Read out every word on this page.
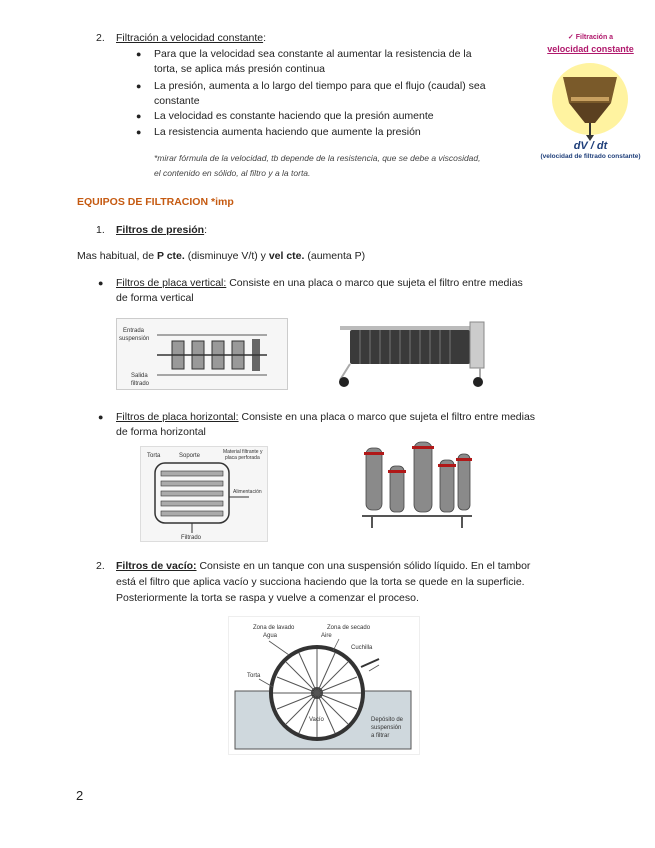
2. Filtración a velocidad constante:
● Para que la velocidad sea constante al aumentar la resistencia de la
torta, se aplica más presión continua
● La presión, aumenta a lo largo del tiempo para que el flujo (caudal) sea
constante
● La velocidad es constante haciendo que la presión aumente
● La resistencia aumenta haciendo que aumente la presión
*mirar fórmula de la velocidad, tb depende de la resistencia, que se debe a viscosidad,
el contenido en sólido, al filtro y a la torta.
✓ Filtración a
velocidad constante
dV / dt
(velocidad de filtrado constante)
EQUIPOS DE FILTRACION *imp
1. Filtros de presión:
Mas habitual, de P cte. (disminuye V/t) y vel cte. (aumenta P)
● Filtros de placa vertical: Consiste en una placa o marco que sujeta el filtro entre medias
de forma vertical
Entrada
suspensión
Salida
filtrado
● Filtros de placa horizontal: Consiste en una placa o marco que sujeta el filtro entre medias
de forma horizontal
Torta	Soporte
Material filtrante y
placa perforada
Alimentación
Filtrado
2. Filtros de vacío: Consiste en un tanque con una suspensión sólido líquido. En el tambor
está el filtro que aplica vacío y succiona haciendo que la torta se quede en la superficie.
Posteriormente la torta se raspa y vuelve a comenzar el proceso.
Zona de lavado
Agua
Zona de secado
Aire
Cuchilla
Torta
Vacío	Depósito de
suspensión
a filtrar
2
